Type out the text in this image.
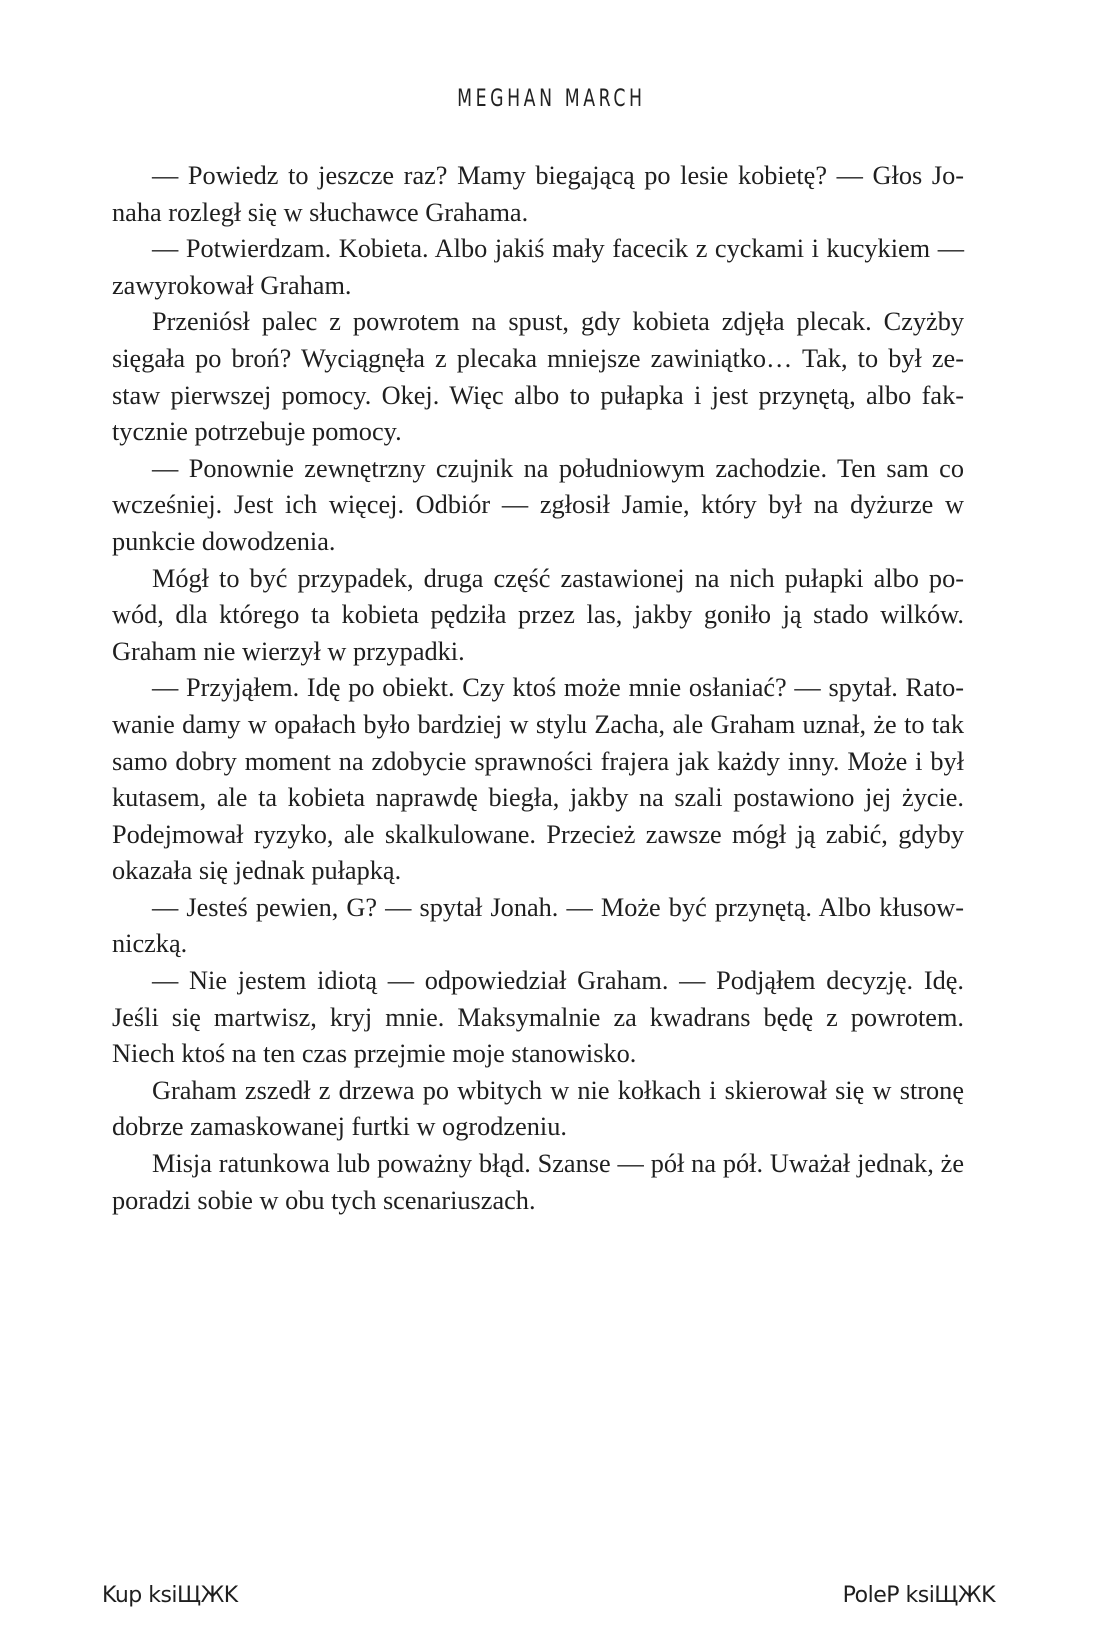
MEGHAN MARCH

— Powiedz to jeszcze raz? Mamy biegającą po lesie kobietę? — Głos Jonaha rozległ się w słuchawce Grahama.

— Potwierdzam. Kobieta. Albo jakiś mały facecik z cyckami i kucykiem — zawyrokował Graham.

Przeniósł palec z powrotem na spust, gdy kobieta zdjęła plecak. Czyżby sięgała po broń? Wyciągnęła z plecaka mniejsze zawiniątko… Tak, to był zestaw pierwszej pomocy. Okej. Więc albo to pułapka i jest przynętą, albo faktycznie potrzebuje pomocy.

— Ponownie zewnętrzny czujnik na południowym zachodzie. Ten sam co wcześniej. Jest ich więcej. Odbiór — zgłosił Jamie, który był na dyżurze w punkcie dowodzenia.

Mógł to być przypadek, druga część zastawionej na nich pułapki albo powód, dla którego ta kobieta pędziła przez las, jakby goniło ją stado wilków. Graham nie wierzył w przypadki.

— Przyjąłem. Idę po obiekt. Czy ktoś może mnie osłaniać? — spytał. Ratowanie damy w opałach było bardziej w stylu Zacha, ale Graham uznał, że to tak samo dobry moment na zdobycie sprawności frajera jak każdy inny. Może i był kutasem, ale ta kobieta naprawdę biegła, jakby na szali postawiono jej życie. Podejmował ryzyko, ale skalkulowane. Przecież zawsze mógł ją zabić, gdyby okazała się jednak pułapką.

— Jesteś pewien, G? — spytał Jonah. — Może być przynętą. Albo kłusowniczką.

— Nie jestem idiotą — odpowiedział Graham. — Podjąłem decyzję. Idę. Jeśli się martwisz, kryj mnie. Maksymalnie za kwadrans będę z powrotem. Niech ktoś na ten czas przejmie moje stanowisko.

Graham zszedł z drzewa po wbitych w nie kołkach i skierował się w stronę dobrze zamaskowanej furtki w ogrodzeniu.

Misja ratunkowa lub poważny błąd. Szanse — pół na pół. Uważał jednak, że poradzi sobie w obu tych scenariuszach.

Kup ksiЩЖK	PoleP ksiЩЖK
